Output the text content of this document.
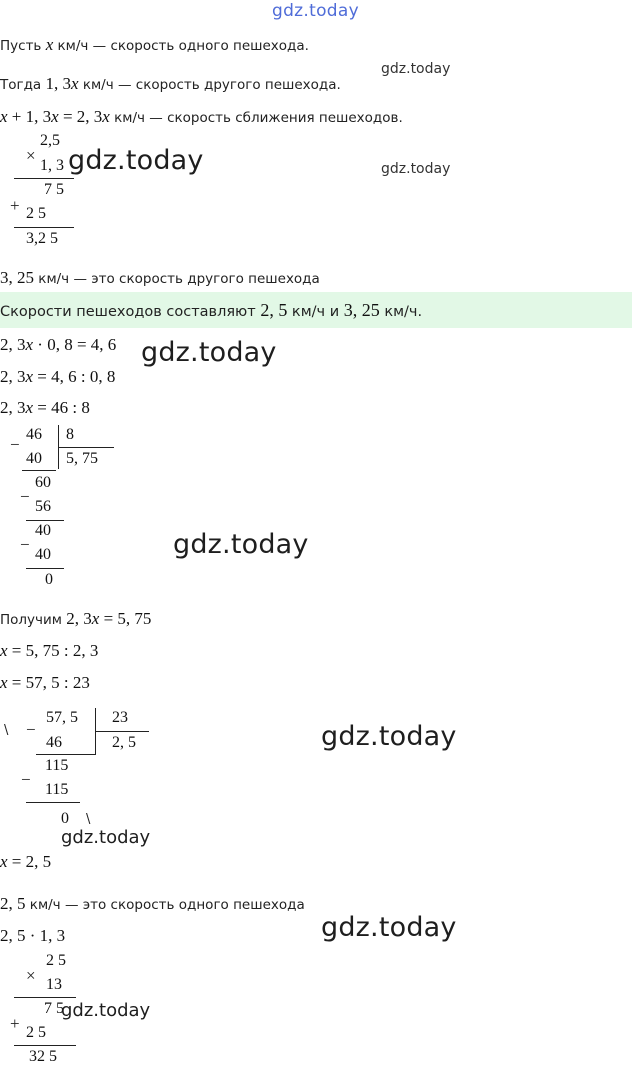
gdz.today
Пусть x км/ч — скорость одного пешехода.
gdz.today
Тогда 1, 3x км/ч — скорость другого пешехода.
x + 1, 3x = 2, 3x км/ч — скорость сближения пешеходов.
2,5
×
1, 3
7 5
+ 2 5
3,2 5
gdz.today	gdz.today
3, 25 км/ч — это скорость другого пешехода
Скорости пешеходов составляют 2, 5 км/ч и 3, 25 км/ч.
2, 3x · 0, 8 = 4, 6 gdz.today
2, 3x = 4, 6 : 0, 8
2, 3x = 46 : 8
−
46 8
40 5, 75
60
−
56
40
−
40
0
gdz.today
Получим 2, 3x = 5, 75
x = 5, 75 : 2, 3
x = 57, 5 : 23
\ −
57, 5 23
46	2, 5
115
−
115
0 \
gdz.today
gdz.today
x = 2, 5
2, 5 км/ч — это скорость одного пешехода
2, 5 · 1, 3	gdz.today
2 5
× 13
7 5
+ 2 5
32 5
gdz.today
